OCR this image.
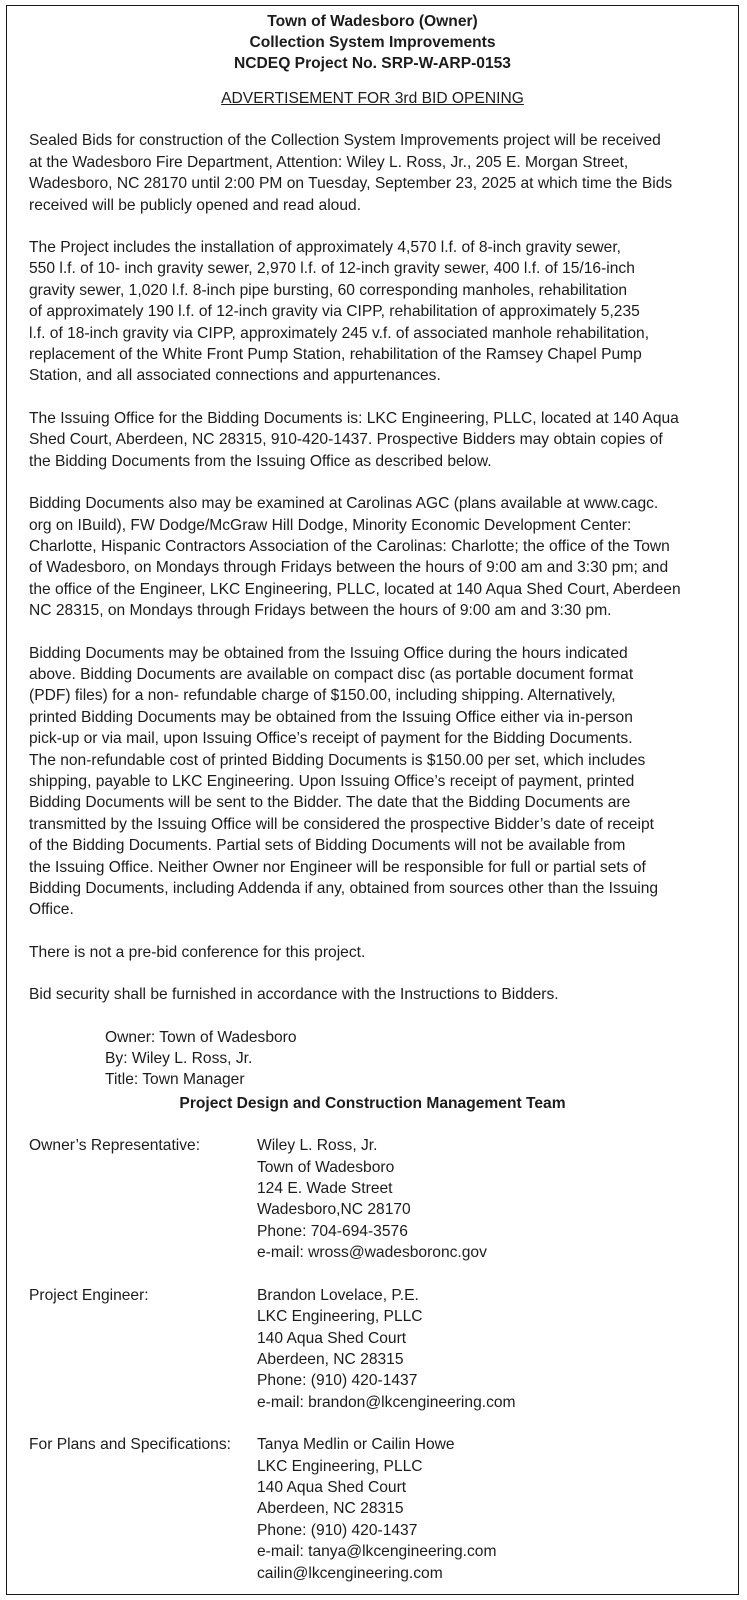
Town of Wadesboro (Owner)
Collection System Improvements
NCDEQ Project No. SRP-W-ARP-0153
ADVERTISEMENT FOR 3rd BID OPENING
Sealed Bids for construction of the Collection System Improvements project will be received
at the Wadesboro Fire Department, Attention: Wiley L. Ross, Jr., 205 E. Morgan Street,
Wadesboro, NC 28170 until 2:00 PM on Tuesday, September 23, 2025 at which time the Bids
received will be publicly opened and read aloud.
The Project includes the installation of approximately 4,570 l.f. of 8-inch gravity sewer,
550 l.f. of 10- inch gravity sewer, 2,970 l.f. of 12-inch gravity sewer, 400 l.f. of 15/16-inch
gravity sewer, 1,020 l.f. 8-inch pipe bursting, 60 corresponding manholes, rehabilitation
of approximately 190 l.f. of 12-inch gravity via CIPP, rehabilitation of approximately 5,235
l.f. of 18-inch gravity via CIPP, approximately 245 v.f. of associated manhole rehabilitation,
replacement of the White Front Pump Station, rehabilitation of the Ramsey Chapel Pump
Station, and all associated connections and appurtenances.
The Issuing Office for the Bidding Documents is: LKC Engineering, PLLC, located at 140 Aqua
Shed Court, Aberdeen, NC 28315, 910-420-1437. Prospective Bidders may obtain copies of
the Bidding Documents from the Issuing Office as described below.
Bidding Documents also may be examined at Carolinas AGC (plans available at www.cagc.
org on IBuild), FW Dodge/McGraw Hill Dodge, Minority Economic Development Center:
Charlotte, Hispanic Contractors Association of the Carolinas: Charlotte; the office of the Town
of Wadesboro, on Mondays through Fridays between the hours of 9:00 am and 3:30 pm; and
the office of the Engineer, LKC Engineering, PLLC, located at 140 Aqua Shed Court, Aberdeen
NC 28315, on Mondays through Fridays between the hours of 9:00 am and 3:30 pm.
Bidding Documents may be obtained from the Issuing Office during the hours indicated
above. Bidding Documents are available on compact disc (as portable document format
(PDF) files) for a non- refundable charge of $150.00, including shipping. Alternatively,
printed Bidding Documents may be obtained from the Issuing Office either via in-person
pick-up or via mail, upon Issuing Office’s receipt of payment for the Bidding Documents.
The non-refundable cost of printed Bidding Documents is $150.00 per set, which includes
shipping, payable to LKC Engineering. Upon Issuing Office’s receipt of payment, printed
Bidding Documents will be sent to the Bidder. The date that the Bidding Documents are
transmitted by the Issuing Office will be considered the prospective Bidder’s date of receipt
of the Bidding Documents. Partial sets of Bidding Documents will not be available from
the Issuing Office. Neither Owner nor Engineer will be responsible for full or partial sets of
Bidding Documents, including Addenda if any, obtained from sources other than the Issuing
Office.
There is not a pre-bid conference for this project.
Bid security shall be furnished in accordance with the Instructions to Bidders.
Owner: Town of Wadesboro
By: Wiley L. Ross, Jr.
Title: Town Manager
Project Design and Construction Management Team
Owner’s Representative:	Wiley L. Ross, Jr.
Town of Wadesboro
124 E. Wade Street
Wadesboro,NC 28170
Phone: 704-694-3576
e-mail: wross@wadesboronc.gov
Project Engineer:	Brandon Lovelace, P.E.
LKC Engineering, PLLC
140 Aqua Shed Court
Aberdeen, NC 28315
Phone: (910) 420-1437
e-mail: brandon@lkcengineering.com
For Plans and Specifications:	Tanya Medlin or Cailin Howe
LKC Engineering, PLLC
140 Aqua Shed Court
Aberdeen, NC 28315
Phone: (910) 420-1437
e-mail: tanya@lkcengineering.com
cailin@lkcengineering.com
